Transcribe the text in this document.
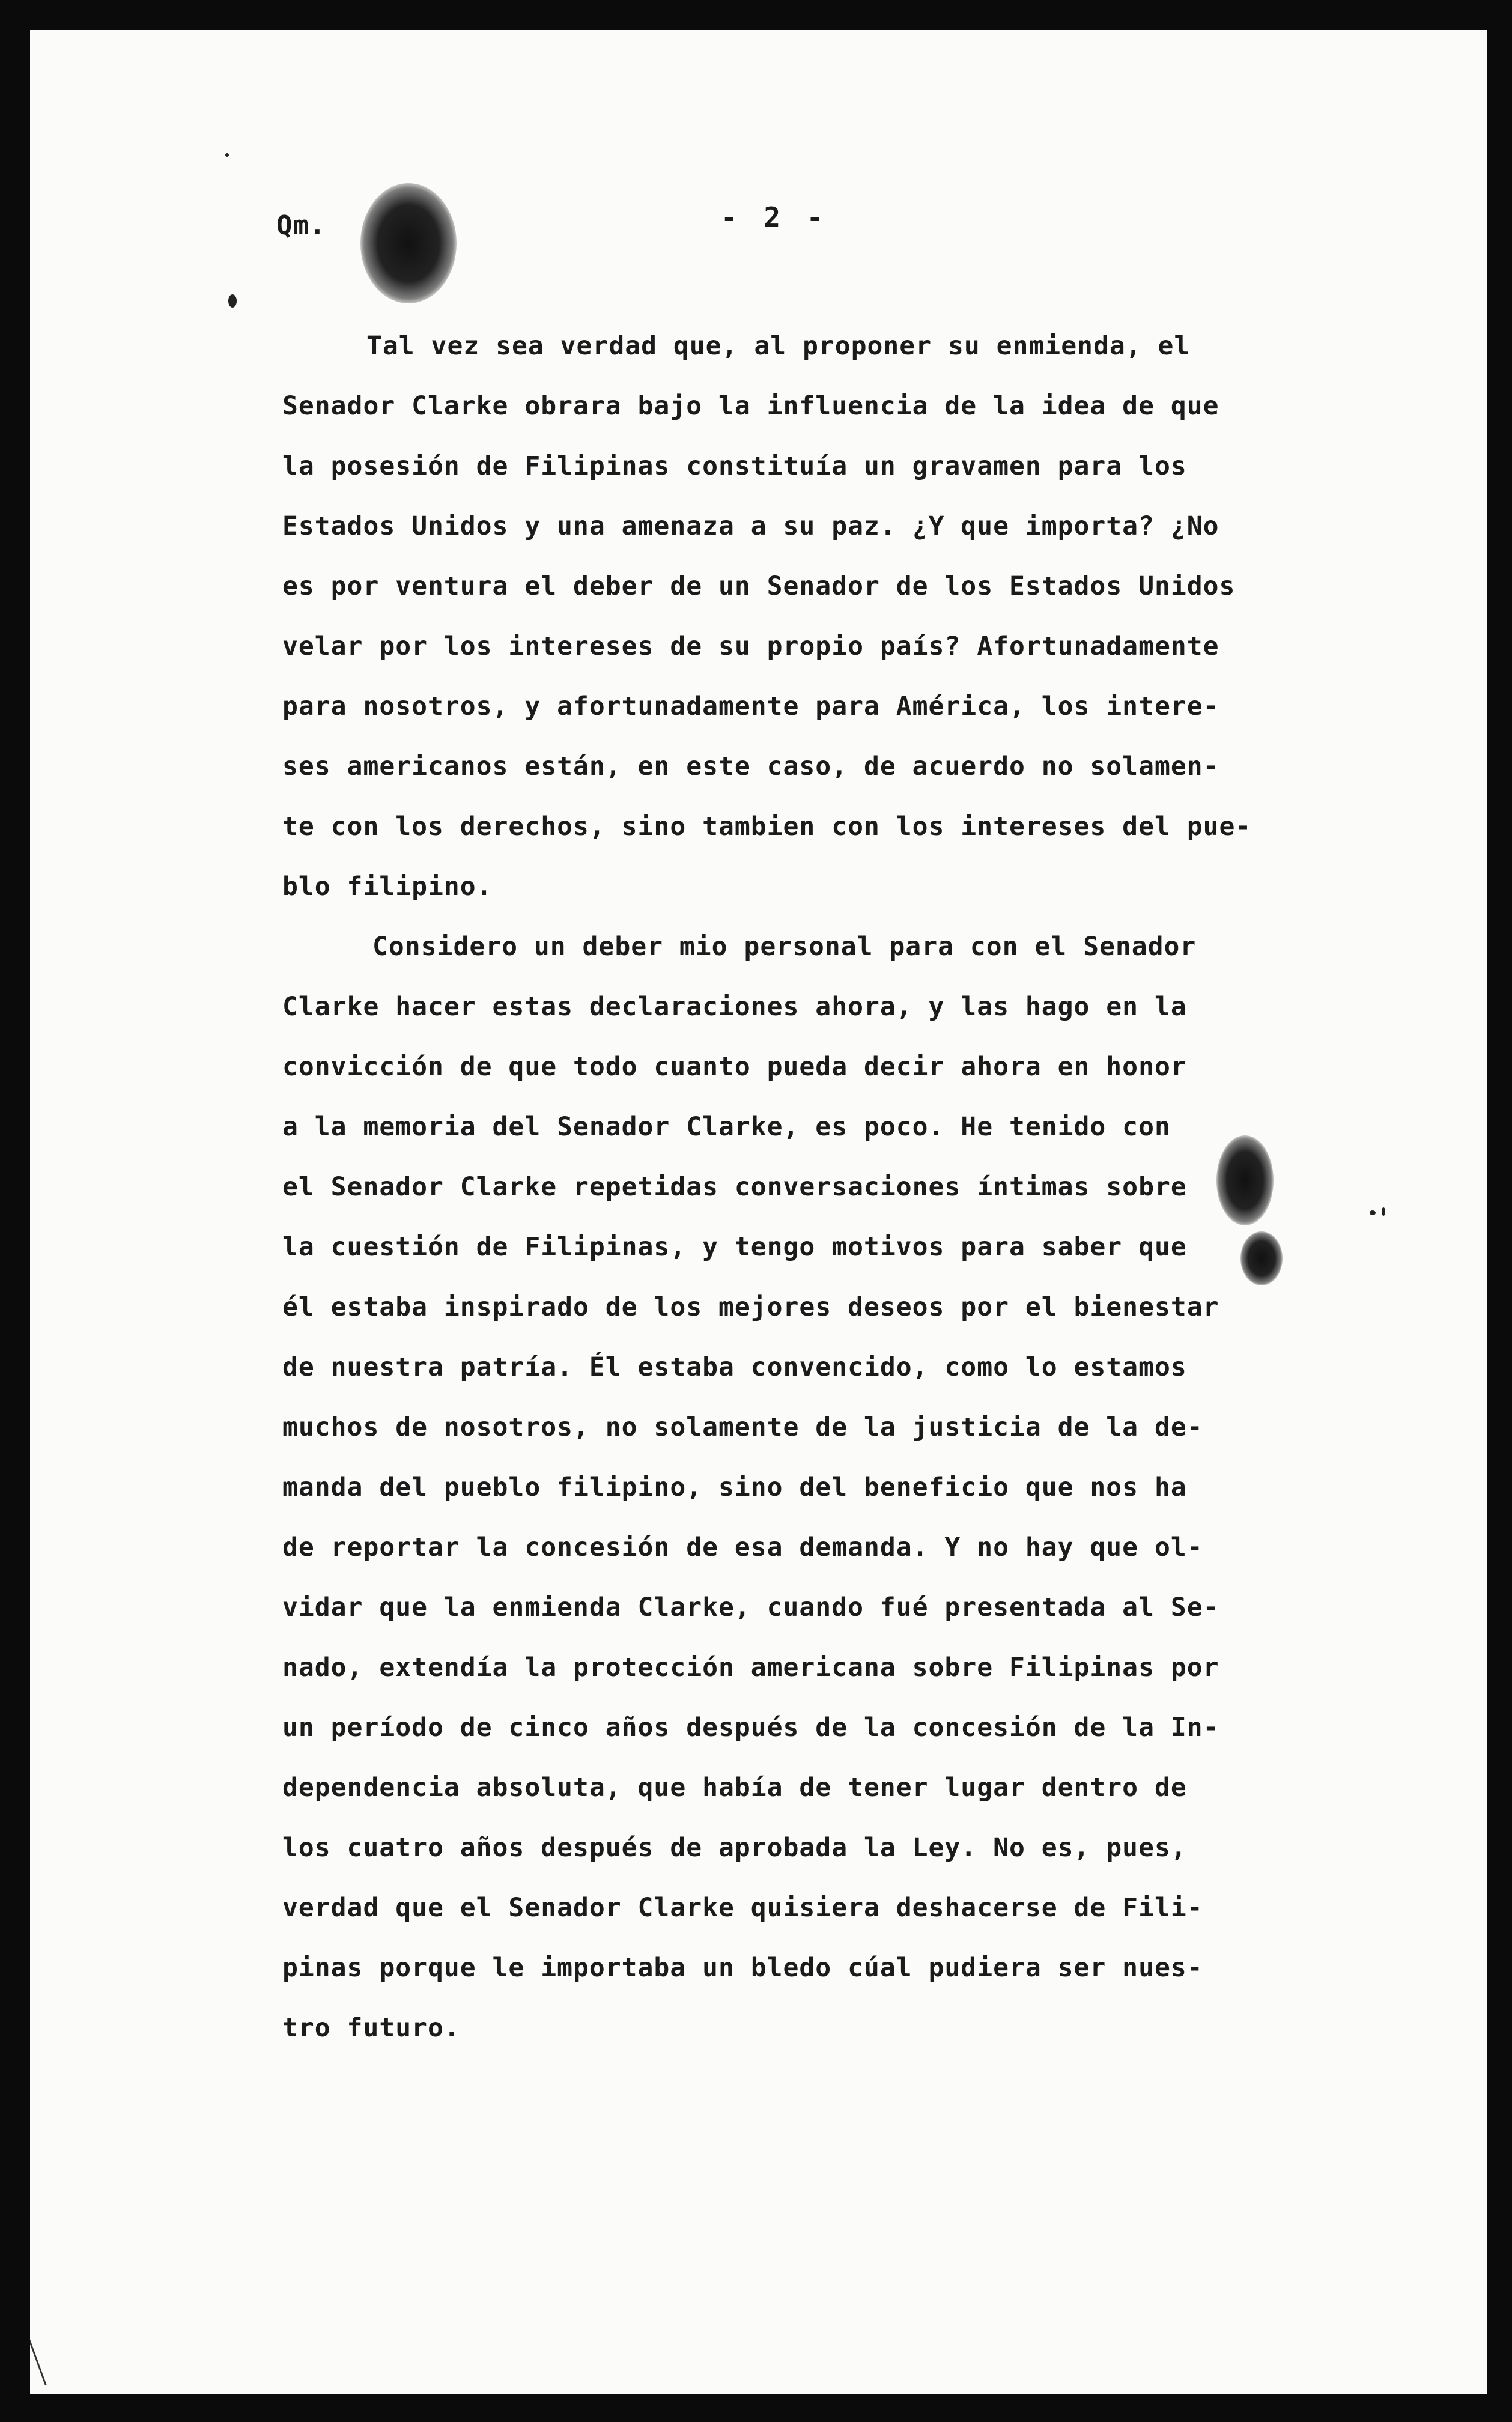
Qm.	- 2 -
Tal vez sea verdad que, al proponer su enmienda, el
Senador Clarke obrara bajo la influencia de la idea de que
la posesión de Filipinas constituía un gravamen para los
Estados Unidos y una amenaza a su paz. ¿Y que importa? ¿No
es por ventura el deber de un Senador de los Estados Unidos
velar por los intereses de su propio país? Afortunadamente
para nosotros, y afortunadamente para América, los intere-
ses americanos están, en este caso, de acuerdo no solamen-
te con los derechos, sino tambien con los intereses del pue-
blo filipino.
Considero un deber mio personal para con el Senador
Clarke hacer estas declaraciones ahora, y las hago en la
convicción de que todo cuanto pueda decir ahora en honor
a la memoria del Senador Clarke, es poco. He tenido con
el Senador Clarke repetidas conversaciones íntimas sobre
la cuestión de Filipinas, y tengo motivos para saber que
él estaba inspirado de los mejores deseos por el bienestar
de nuestra patría. Él estaba convencido, como lo estamos
muchos de nosotros, no solamente de la justicia de la de-
manda del pueblo filipino, sino del beneficio que nos ha
de reportar la concesión de esa demanda. Y no hay que ol-
vidar que la enmienda Clarke, cuando fué presentada al Se-
nado, extendía la protección americana sobre Filipinas por
un período de cinco años después de la concesión de la In-
dependencia absoluta, que había de tener lugar dentro de
los cuatro años después de aprobada la Ley. No es, pues,
verdad que el Senador Clarke quisiera deshacerse de Fili-
pinas porque le importaba un bledo cúal pudiera ser nues-
tro futuro.
